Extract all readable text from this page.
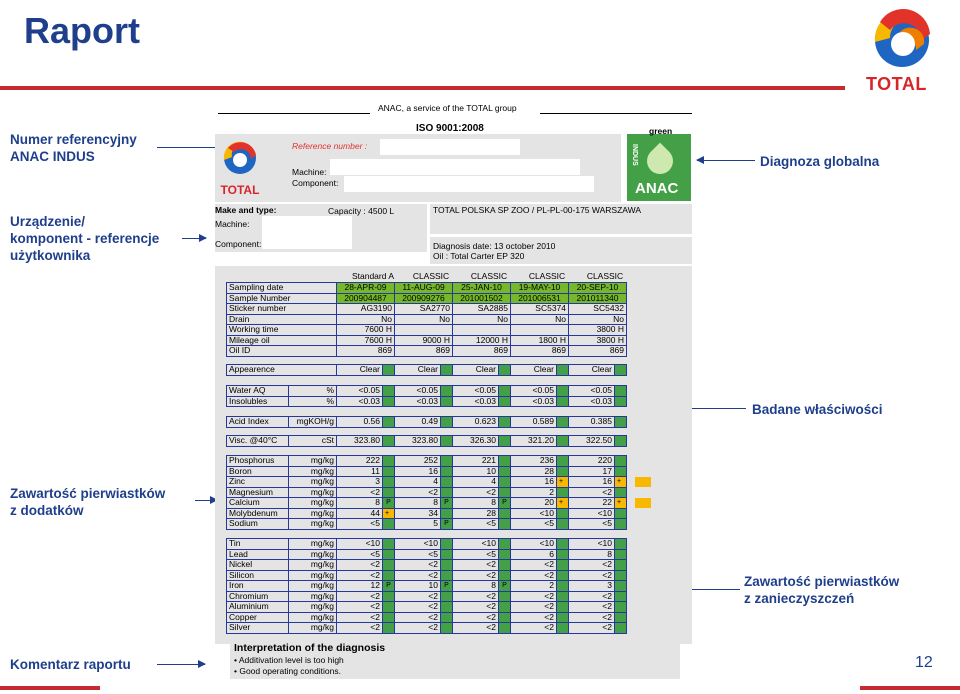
Raport
TOTAL
Numer referencyjny
ANAC INDUS
Urządzenie/
komponent - referencje
użytkownika
Zawartość pierwiastków
z dodatków
Komentarz raportu
Diagnoza globalna
Badane właściwości
Zawartość pierwiastków
z zanieczyszczeń
12
ANAC, a service of the TOTAL group
ISO 9001:2008
TOTAL
Reference number :
Machine:
Component:
green
INDUS
ANAC
Make and type:	Capacity : 4500 L
Machine:
Component:
TOTAL POLSKA SP ZOO / PL-PL-00-175 WARSZAWA
Diagnosis date: 13 october 2010
Oil : Total Carter EP 320
Standard A	CLASSIC	CLASSIC	CLASSIC	CLASSIC
Sampling date	28-APR-09	11-AUG-09	25-JAN-10	19-MAY-10	20-SEP-10
Sample Number	200904487	200909276	201001502	201006531	201011340
Sticker number	AG3190	SA2770	SA2885	SC5374	SC5432
Drain	No	No	No	No	No
Working time	7600 H				3800 H
Mileage oil	7600 H	9000 H	12000 H	1800 H	3800 H
Oil ID	869	869	869	869	869
Appearence	Clear		Clear		Clear		Clear		Clear	
Water AQ	%	<0.05		<0.05		<0.05		<0.05		<0.05	
Insolubles	%	<0.03		<0.03		<0.03		<0.03		<0.03	
Acid Index	mgKOH/g	0.56		0.49		0.623		0.589		0.385	
Visc. @40°C	cSt	323.80		323.80		326.30		321.20		322.50	
Phosphorus	mg/kg	222		252		221		236		220	
Boron	mg/kg	11		16		10		28		17	
Zinc	mg/kg	3		4		4		16	+	16	+
Magnesium	mg/kg	<2		<2		<2		2		<2	
Calcium	mg/kg	8	P	8	P	8	P	20	+	22	+
Molybdenum	mg/kg	44	+	34		28		<10		<10	
Sodium	mg/kg	<5		5	P	<5		<5		<5	
Tin	mg/kg	<10		<10		<10		<10		<10	
Lead	mg/kg	<5		<5		<5		6		8	
Nickel	mg/kg	<2		<2		<2		<2		<2	
Silicon	mg/kg	<2		<2		<2		<2		<2	
Iron	mg/kg	12	P	10	P	8	P	2		3	
Chromium	mg/kg	<2		<2		<2		<2		<2	
Aluminium	mg/kg	<2		<2		<2		<2		<2	
Copper	mg/kg	<2		<2		<2		<2		<2	
Silver	mg/kg	<2		<2		<2		<2		<2	
Interpretation of the diagnosis
• Additivation level is too high
• Good operating conditions.
